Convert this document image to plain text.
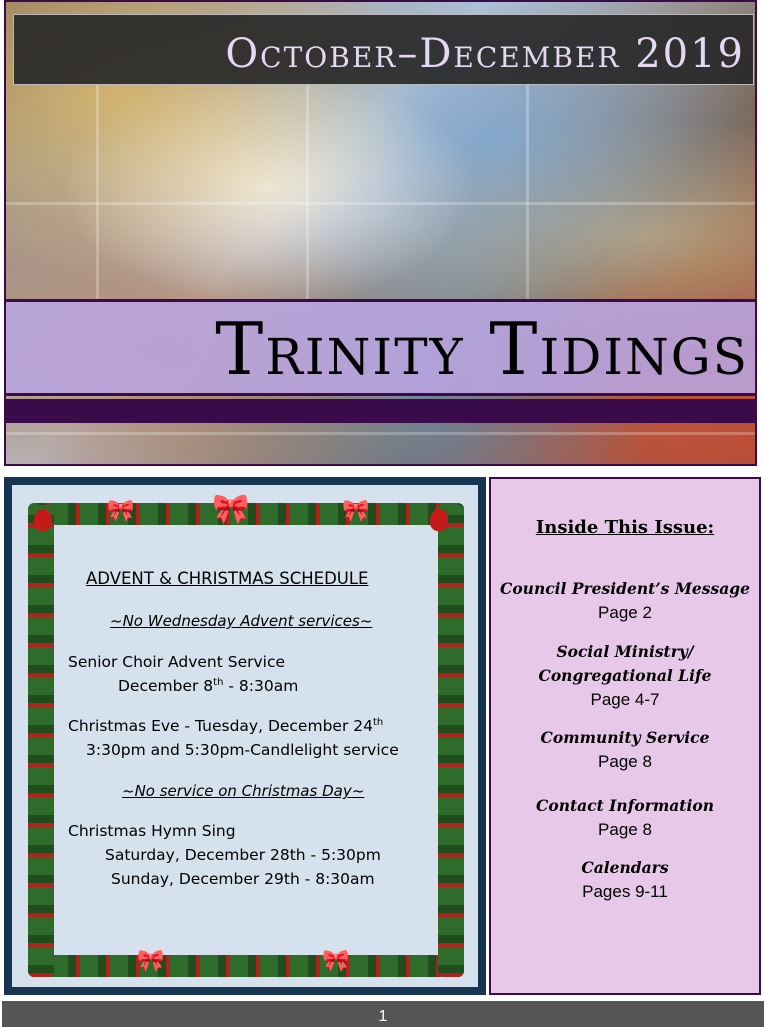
October–December 2019
Trinity Tidings
🎀
🎀	🎀
🎀	🎀
ADVENT & CHRISTMAS SCHEDULE
~No Wednesday Advent services~
Senior Choir Advent Service
December 8th - 8:30am
Christmas Eve - Tuesday, December 24th
3:30pm and 5:30pm-Candlelight service
~No service on Christmas Day~
Christmas Hymn Sing
Saturday, December 28th - 5:30pm
Sunday, December 29th - 8:30am
Inside This Issue:
Council President’s Message
Page 2
Social Ministry/
Congregational Life
Page 4-7
Community Service
Page 8
Contact Information
Page 8
Calendars
Pages 9-11
1
